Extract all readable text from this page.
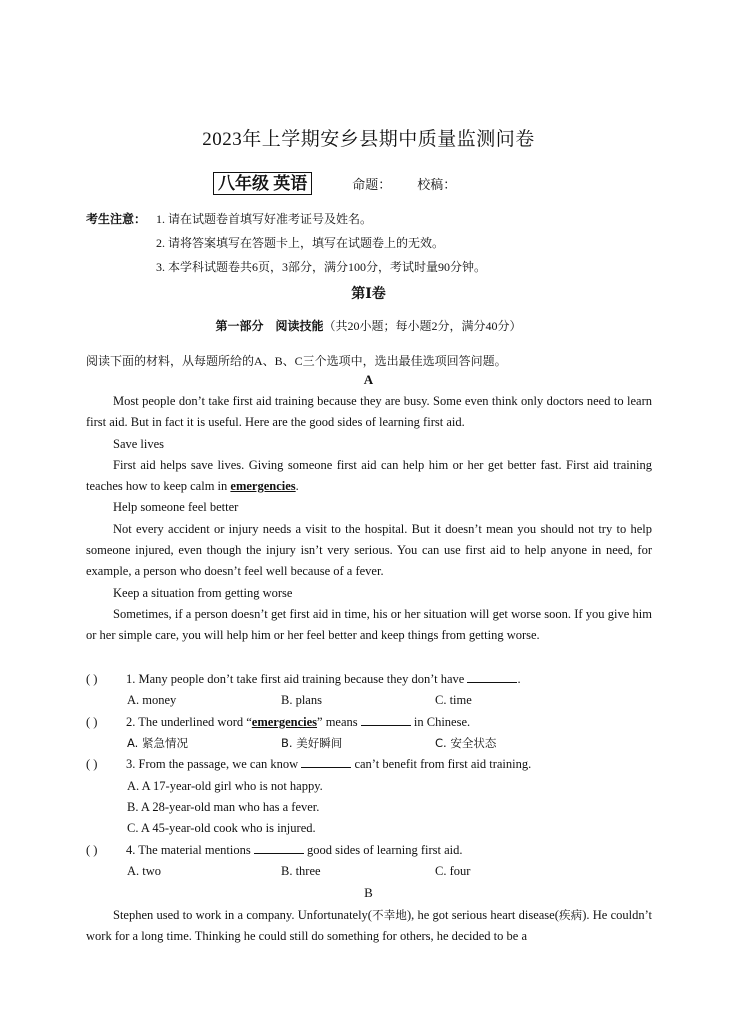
2023年上学期安乡县期中质量监测问卷
八年级 英语	命题： 校稿：
考生注意： 1. 请在试题卷首填写好准考证号及姓名。
2. 请将答案填写在答题卡上，填写在试题卷上的无效。
3. 本学科试题卷共6页，3部分，满分100分，考试时量90分钟。
第Ⅰ卷
第一部分　阅读技能（共20小题；每小题2分，满分40分）
阅读下面的材料，从每题所给的A、B、C三个选项中，选出最佳选项回答问题。
A

Most people don’t take first aid training because they are busy. Some even think only doctors need to learn first aid. But in fact it is useful. Here are the good sides of learning first aid.

Save lives

First aid helps save lives. Giving someone first aid can help him or her get better fast. First aid training teaches how to keep calm in emergencies.

Help someone feel better

Not every accident or injury needs a visit to the hospital. But it doesn’t mean you should not try to help someone injured, even though the injury isn’t very serious. You can use first aid to help anyone in need, for example, a person who doesn’t feel well because of a fever.

Keep a situation from getting worse

Sometimes, if a person doesn’t get first aid in time, his or her situation will get worse soon. If you give him or her simple care, you will help him or her feel better and keep things from getting worse.

( )	1. Many people don’t take first aid training because they don’t have	.
A. money	B. plans	C. time
( )	2. The underlined word “emergencies” means	in Chinese.
A. 紧急情况	B. 美好瞬间	C. 安全状态
( )	3. From the passage, we can know	can’t benefit from first aid training.
A. A 17-year-old girl who is not happy.
B. A 28-year-old man who has a fever.
C. A 45-year-old cook who is injured.
( )	4. The material mentions	good sides of learning first aid.
A. two	B. three	C. four
B

Stephen used to work in a company. Unfortunately(不幸地), he got serious heart disease(疾病). He couldn’t work for a long time. Thinking he could still do something for others, he decided to be a
